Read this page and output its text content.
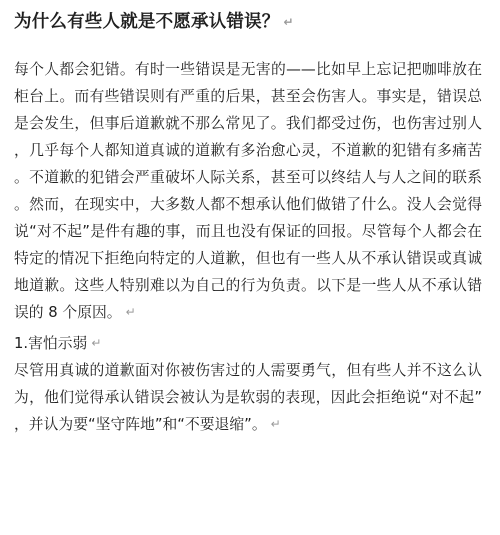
为什么有些人就是不愿承认错误？ ↵

每个人都会犯错。有时一些错误是无害的——比如早上忘记把咖啡放在柜台上。而有些错误则有严重的后果，甚至会伤害人。事实是，错误总是会发生，但事后道歉就不那么常见了。我们都受过伤，也伤害过别人，几乎每个人都知道真诚的道歉有多治愈心灵，不道歉的犯错有多痛苦。不道歉的犯错会严重破坏人际关系，甚至可以终结人与人之间的联系。然而，在现实中，大多数人都不想承认他们做错了什么。没人会觉得说“对不起”是件有趣的事，而且也没有保证的回报。尽管每个人都会在特定的情况下拒绝向特定的人道歉，但也有一些人从不承认错误或真诚地道歉。这些人特别难以为自己的行为负责。以下是一些人从不承认错误的 8 个原因。 ↵

1.害怕示弱 ↵

尽管用真诚的道歉面对你被伤害过的人需要勇气，但有些人并不这么认为，他们觉得承认错误会被认为是软弱的表现，因此会拒绝说“对不起”，并认为要“坚守阵地”和“不要退缩”。 ↵
